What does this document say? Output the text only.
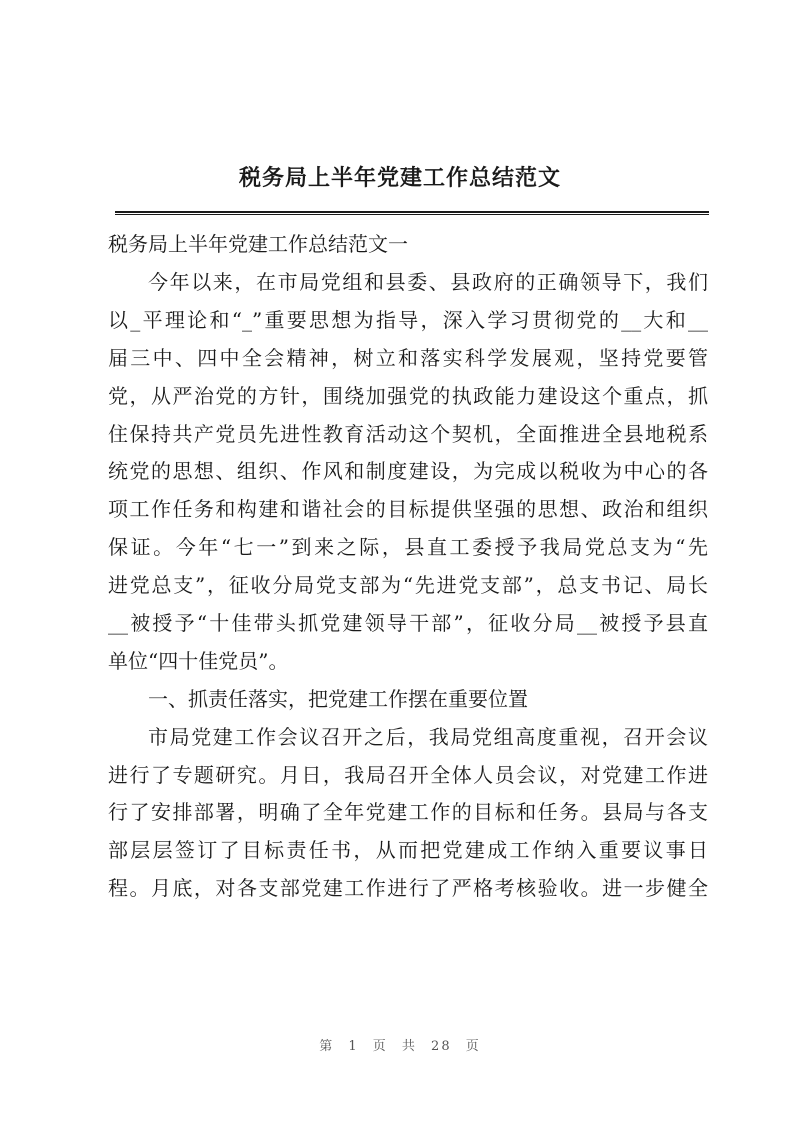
税务局上半年党建工作总结范文
税务局上半年党建工作总结范文一
今年以来，在市局党组和县委、县政府的正确领导下，我们
以_平理论和“_”重要思想为指导，深入学习贯彻党的__大和__
届三中、四中全会精神，树立和落实科学发展观，坚持党要管
党，从严治党的方针，围绕加强党的执政能力建设这个重点，抓
住保持共产党员先进性教育活动这个契机，全面推进全县地税系
统党的思想、组织、作风和制度建设，为完成以税收为中心的各
项工作任务和构建和谐社会的目标提供坚强的思想、政治和组织
保证。今年“七一”到来之际，县直工委授予我局党总支为“先
进党总支”，征收分局党支部为“先进党支部”，总支书记、局长
__被授予“十佳带头抓党建领导干部”，征收分局__被授予县直
单位“四十佳党员”。
一、抓责任落实，把党建工作摆在重要位置
市局党建工作会议召开之后，我局党组高度重视，召开会议
进行了专题研究。月日，我局召开全体人员会议，对党建工作进
行了安排部署，明确了全年党建工作的目标和任务。县局与各支
部层层签订了目标责任书，从而把党建成工作纳入重要议事日
程。月底，对各支部党建工作进行了严格考核验收。进一步健全
第 1 页 共 28 页
